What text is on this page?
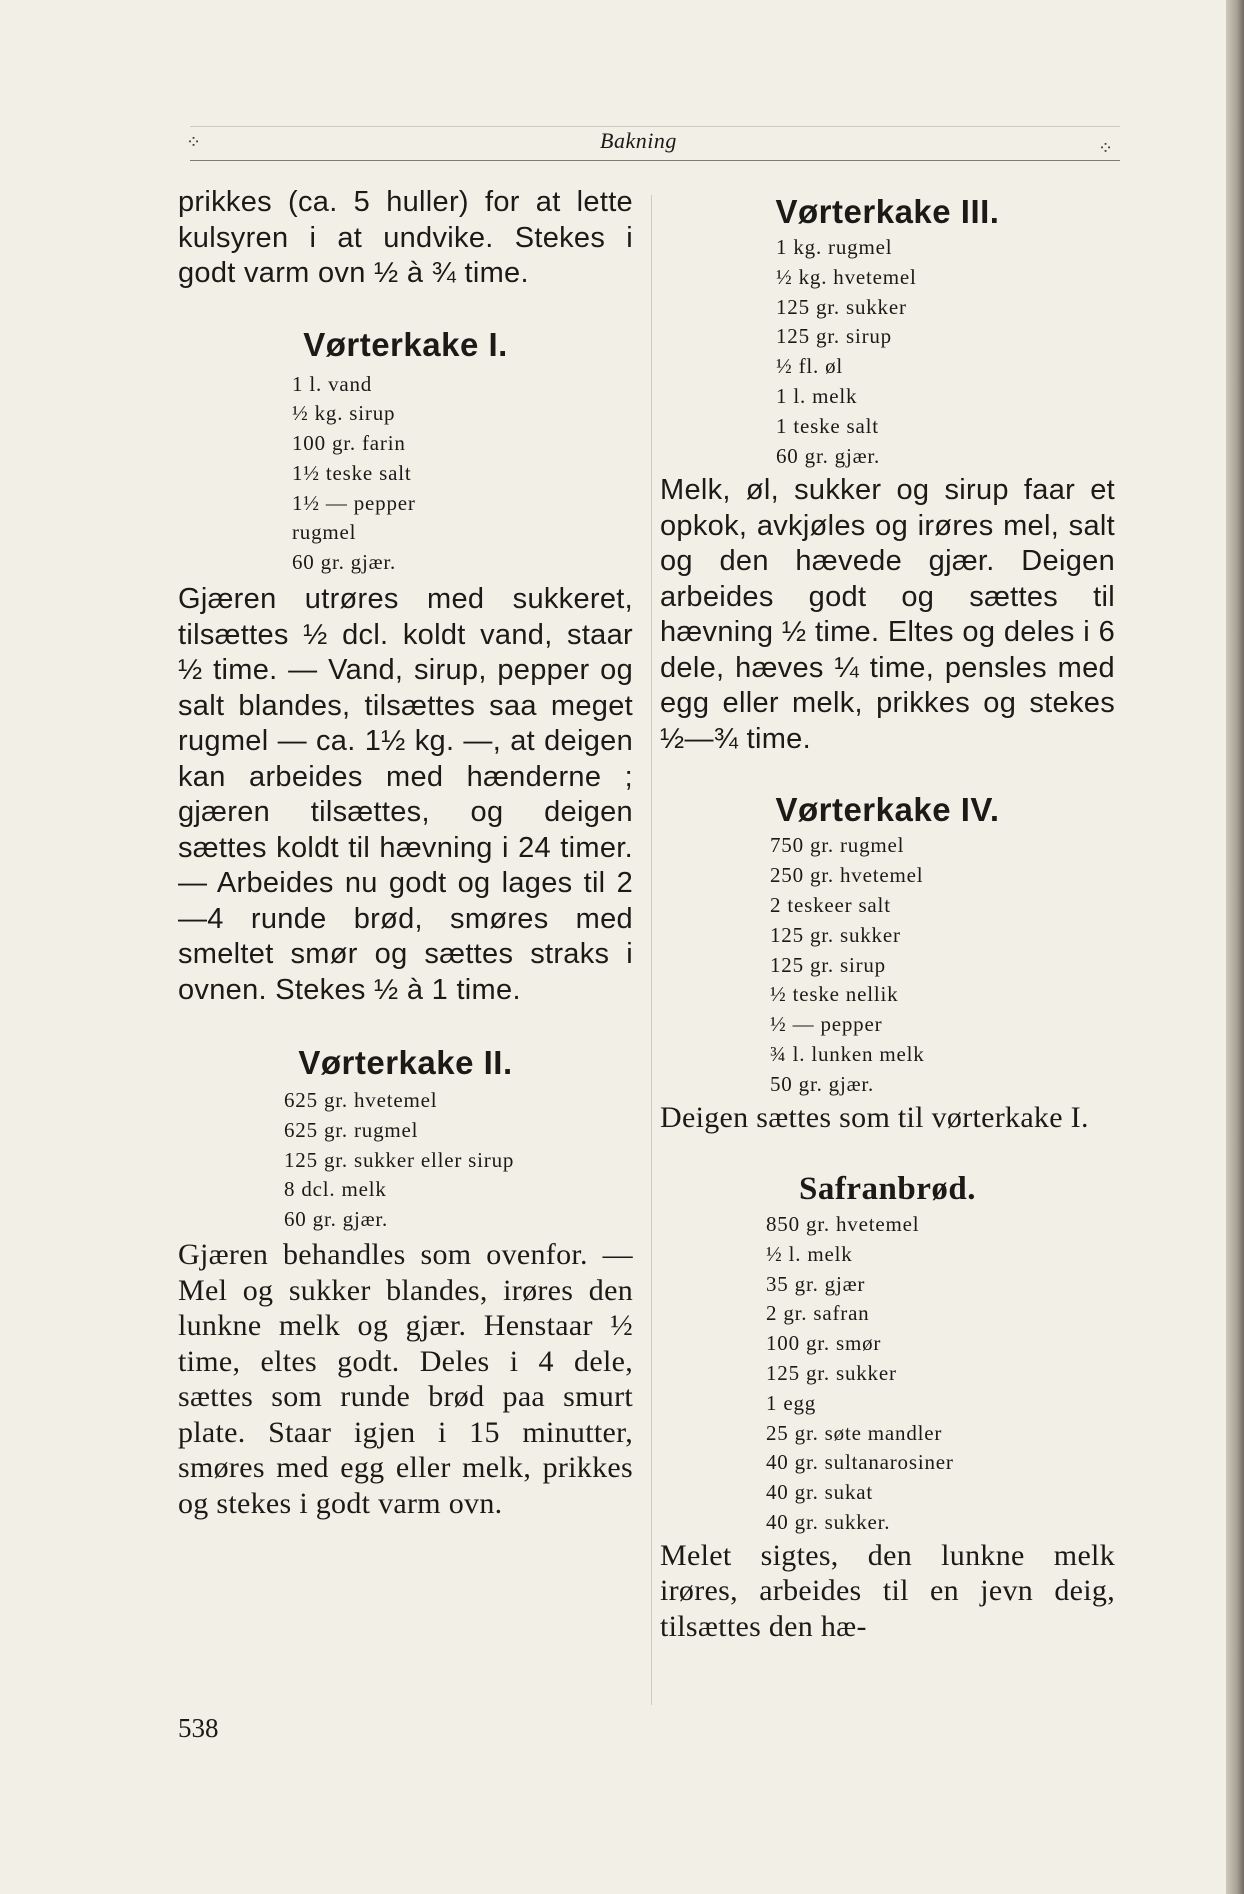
⁘	Bakning	⁘

prikkes (ca. 5 huller) for at lette kulsyren i at undvike. Stekes i godt varm ovn ½ à ¾ time.

Vørterkake I.
1 l. vand
½ kg. sirup
100 gr. farin
1½ teske salt
1½ — pepper
rugmel
60 gr. gjær.

Gjæren utrøres med sukkeret, tilsættes ½ dcl. koldt vand, staar ½ time. — Vand, sirup, pepper og salt blandes, tilsættes saa meget rugmel — ca. 1½ kg. —, at deigen kan arbeides med hænderne ; gjæren tilsættes, og deigen sættes koldt til hævning i 24 timer. — Arbeides nu godt og lages til 2—4 runde brød, smøres med smeltet smør og sættes straks i ovnen. Stekes ½ à 1 time.

Vørterkake II.
625 gr. hvetemel
625 gr. rugmel
125 gr. sukker eller sirup
8 dcl. melk
60 gr. gjær.

Gjæren behandles som ovenfor. — Mel og sukker blandes, irøres den lunkne melk og gjær. Henstaar ½ time, eltes godt. Deles i 4 dele, sættes som runde brød paa smurt plate. Staar igjen i 15 minutter, smøres med egg eller melk, prikkes og stekes i godt varm ovn.

Vørterkake III.
1 kg. rugmel
½ kg. hvetemel
125 gr. sukker
125 gr. sirup
½ fl. øl
1 l. melk
1 teske salt
60 gr. gjær.

Melk, øl, sukker og sirup faar et opkok, avkjøles og irøres mel, salt og den hævede gjær. Deigen arbeides godt og sættes til hævning ½ time. Eltes og deles i 6 dele, hæves ¼ time, pensles med egg eller melk, prikkes og stekes ½—¾ time.

Vørterkake IV.
750 gr. rugmel
250 gr. hvetemel
2 teskeer salt
125 gr. sukker
125 gr. sirup
½ teske nellik
½ — pepper
¾ l. lunken melk
50 gr. gjær.

Deigen sættes som til vørterkake I.

Safranbrød.
850 gr. hvetemel
½ l. melk
35 gr. gjær
2 gr. safran
100 gr. smør
125 gr. sukker
1 egg
25 gr. søte mandler
40 gr. sultanarosiner
40 gr. sukat
40 gr. sukker.

Melet sigtes, den lunkne melk irøres, arbeides til en jevn deig, tilsættes den hæ-

538
